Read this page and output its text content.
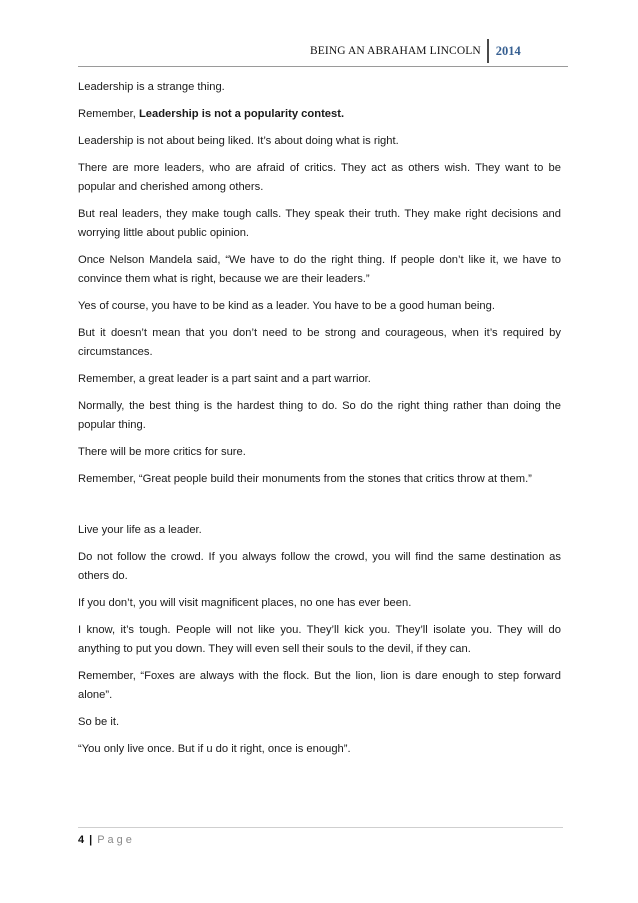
BEING AN ABRAHAM LINCOLN	2014

Leadership is a strange thing.

Remember, Leadership is not a popularity contest.

Leadership is not about being liked. It’s about doing what is right.

There are more leaders, who are afraid of critics. They act as others wish. They want to be popular and cherished among others.

But real leaders, they make tough calls. They speak their truth. They make right decisions and worrying little about public opinion.

Once Nelson Mandela said, “We have to do the right thing. If people don’t like it, we have to convince them what is right, because we are their leaders.”

Yes of course, you have to be kind as a leader. You have to be a good human being.

But it doesn’t mean that you don’t need to be strong and courageous, when it’s required by circumstances.

Remember, a great leader is a part saint and a part warrior.

Normally, the best thing is the hardest thing to do. So do the right thing rather than doing the popular thing.

There will be more critics for sure.

Remember, “Great people build their monuments from the stones that critics throw at them.”

Live your life as a leader.

Do not follow the crowd. If you always follow the crowd, you will find the same destination as others do.

If you don’t, you will visit magnificent places, no one has ever been.

I know, it’s tough. People will not like you. They’ll kick you. They’ll isolate you. They will do anything to put you down. They will even sell their souls to the devil, if they can.

Remember, “Foxes are always with the flock. But the lion, lion is dare enough to step forward alone”.

So be it.

“You only live once. But if u do it right, once is enough”.

4 | Page
